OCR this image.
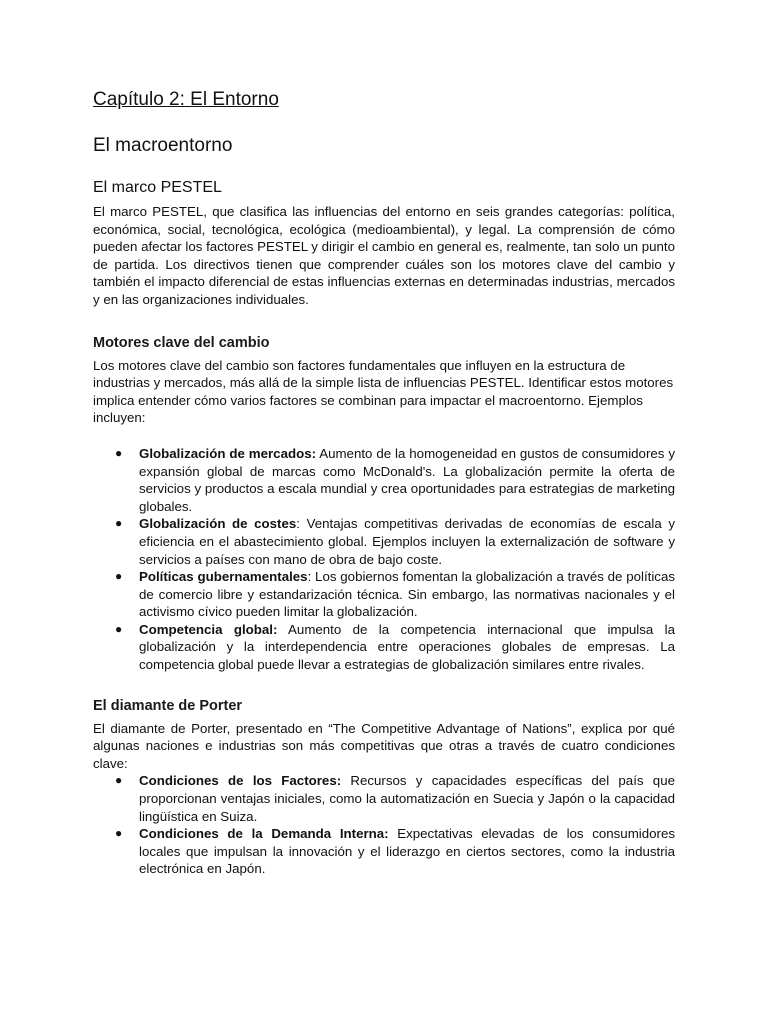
Capítulo 2: El Entorno
El macroentorno
El marco PESTEL

El marco PESTEL, que clasifica las influencias del entorno en seis grandes categorías: política, económica, social, tecnológica, ecológica (medioambiental), y legal. La comprensión de cómo pueden afectar los factores PESTEL y dirigir el cambio en general es, realmente, tan solo un punto de partida. Los directivos tienen que comprender cuáles son los motores clave del cambio y también el impacto diferencial de estas influencias externas en determinadas industrias, mercados y en las organizaciones individuales.

Motores clave del cambio

Los motores clave del cambio son factores fundamentales que influyen en la estructura de industrias y mercados, más allá de la simple lista de influencias PESTEL. Identificar estos motores implica entender cómo varios factores se combinan para impactar el macroentorno. Ejemplos incluyen:

● Globalización de mercados: Aumento de la homogeneidad en gustos de consumidores y expansión global de marcas como McDonald's. La globalización permite la oferta de servicios y productos a escala mundial y crea oportunidades para estrategias de marketing globales.
● Globalización de costes: Ventajas competitivas derivadas de economías de escala y eficiencia en el abastecimiento global. Ejemplos incluyen la externalización de software y servicios a países con mano de obra de bajo coste.
● Políticas gubernamentales: Los gobiernos fomentan la globalización a través de políticas de comercio libre y estandarización técnica. Sin embargo, las normativas nacionales y el activismo cívico pueden limitar la globalización.
● Competencia global: Aumento de la competencia internacional que impulsa la globalización y la interdependencia entre operaciones globales de empresas. La competencia global puede llevar a estrategias de globalización similares entre rivales.
El diamante de Porter

El diamante de Porter, presentado en “The Competitive Advantage of Nations”, explica por qué algunas naciones e industrias son más competitivas que otras a través de cuatro condiciones clave:

● Condiciones de los Factores: Recursos y capacidades específicas del país que proporcionan ventajas iniciales, como la automatización en Suecia y Japón o la capacidad lingüística en Suiza.
● Condiciones de la Demanda Interna: Expectativas elevadas de los consumidores locales que impulsan la innovación y el liderazgo en ciertos sectores, como la industria electrónica en Japón.
